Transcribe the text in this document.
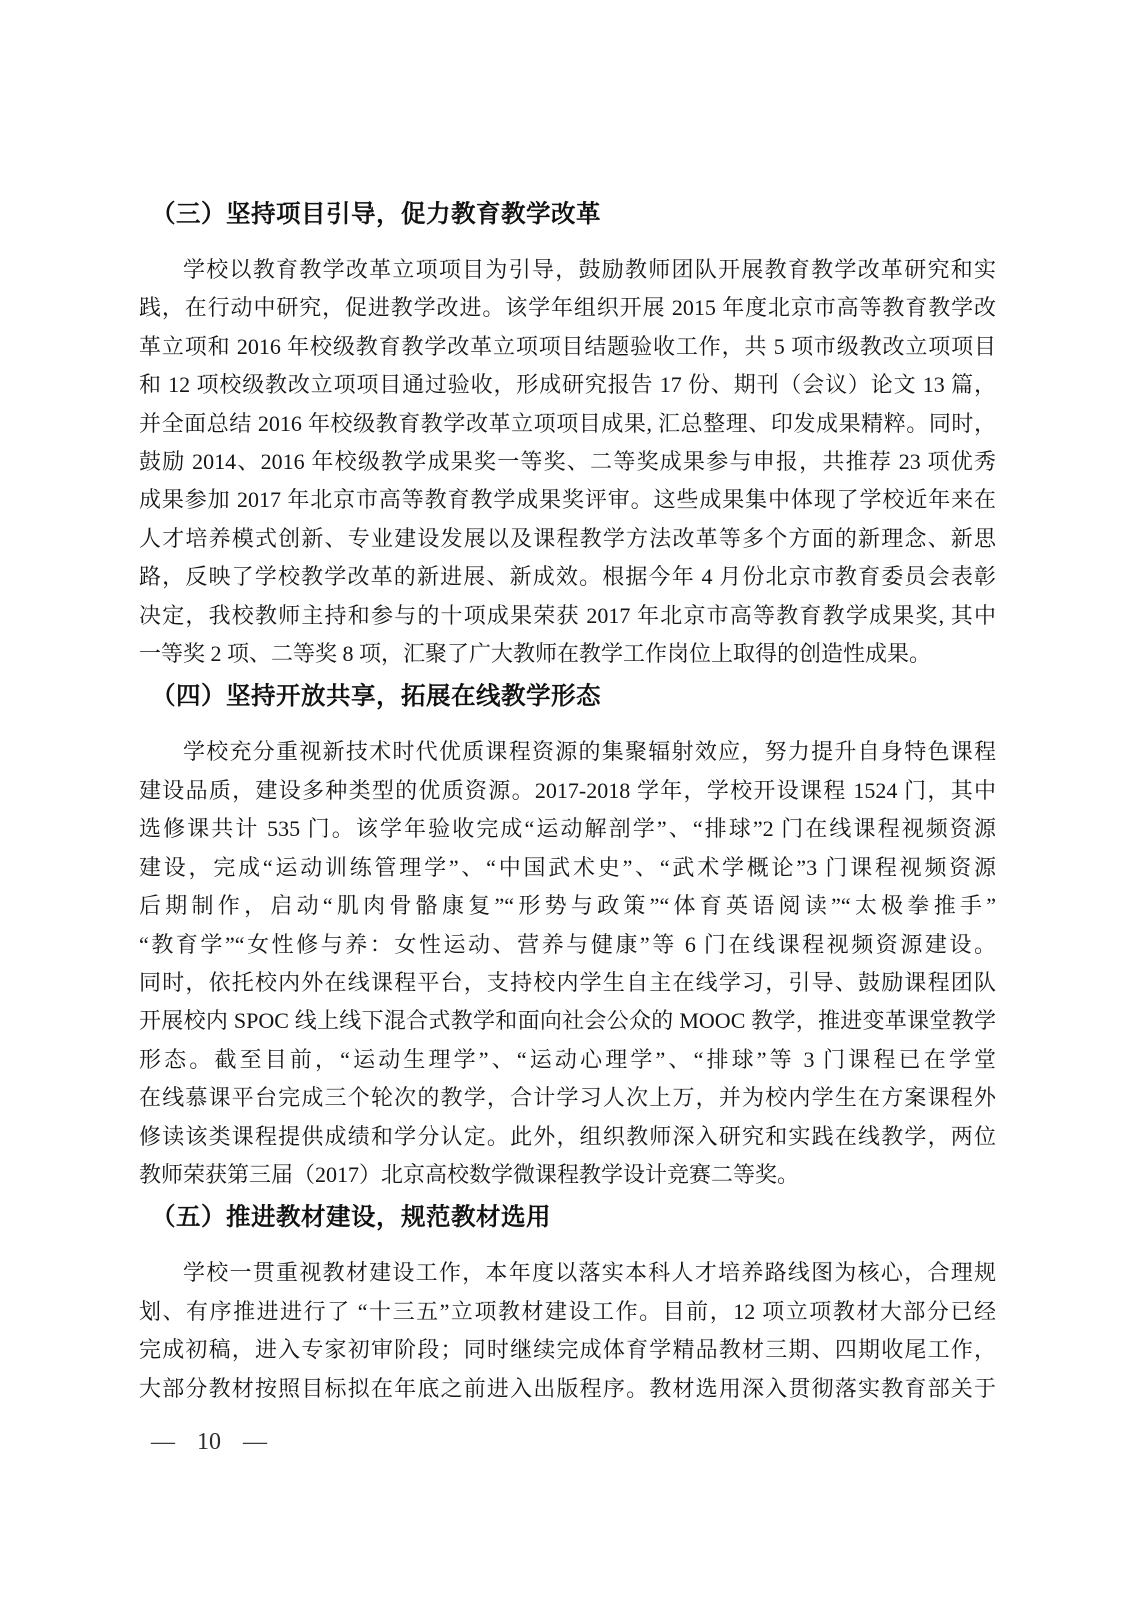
（三）坚持项目引导，促力教育教学改革
学校以教育教学改革立项项目为引导，鼓励教师团队开展教育教学改革研究和实
践，在行动中研究，促进教学改进。该学年组织开展 2015 年度北京市高等教育教学改
革立项和 2016 年校级教育教学改革立项项目结题验收工作，共 5 项市级教改立项项目
和 12 项校级教改立项项目通过验收，形成研究报告 17 份、期刊（会议）论文 13 篇，
并全面总结 2016 年校级教育教学改革立项项目成果, 汇总整理、印发成果精粹。同时，
鼓励 2014、2016 年校级教学成果奖一等奖、二等奖成果参与申报，共推荐 23 项优秀
成果参加 2017 年北京市高等教育教学成果奖评审。这些成果集中体现了学校近年来在
人才培养模式创新、专业建设发展以及课程教学方法改革等多个方面的新理念、新思
路，反映了学校教学改革的新进展、新成效。根据今年 4 月份北京市教育委员会表彰
决定，我校教师主持和参与的十项成果荣获 2017 年北京市高等教育教学成果奖, 其中
一等奖 2 项、二等奖 8 项，汇聚了广大教师在教学工作岗位上取得的创造性成果。
（四）坚持开放共享，拓展在线教学形态
学校充分重视新技术时代优质课程资源的集聚辐射效应，努力提升自身特色课程
建设品质，建设多种类型的优质资源。2017-2018 学年，学校开设课程 1524 门，其中
选修课共计 535 门。该学年验收完成“运动解剖学”、“排球”2 门在线课程视频资源
建设，完成“运动训练管理学”、“中国武术史”、“武术学概论”3 门课程视频资源
后期制作，启动“肌肉骨骼康复”“形势与政策”“体育英语阅读”“太极拳推手”
“教育学”“女性修与养：女性运动、营养与健康”等 6 门在线课程视频资源建设。
同时，依托校内外在线课程平台，支持校内学生自主在线学习，引导、鼓励课程团队
开展校内 SPOC 线上线下混合式教学和面向社会公众的 MOOC 教学，推进变革课堂教学
形态。截至目前，“运动生理学”、“运动心理学”、“排球”等 3 门课程已在学堂
在线慕课平台完成三个轮次的教学，合计学习人次上万，并为校内学生在方案课程外
修读该类课程提供成绩和学分认定。此外，组织教师深入研究和实践在线教学，两位
教师荣获第三届（2017）北京高校数学微课程教学设计竞赛二等奖。
（五）推进教材建设，规范教材选用
学校一贯重视教材建设工作，本年度以落实本科人才培养路线图为核心，合理规
划、有序推进进行了 “十三五”立项教材建设工作。目前，12 项立项教材大部分已经
完成初稿，进入专家初审阶段；同时继续完成体育学精品教材三期、四期收尾工作，
大部分教材按照目标拟在年底之前进入出版程序。教材选用深入贯彻落实教育部关于
— 10 —
